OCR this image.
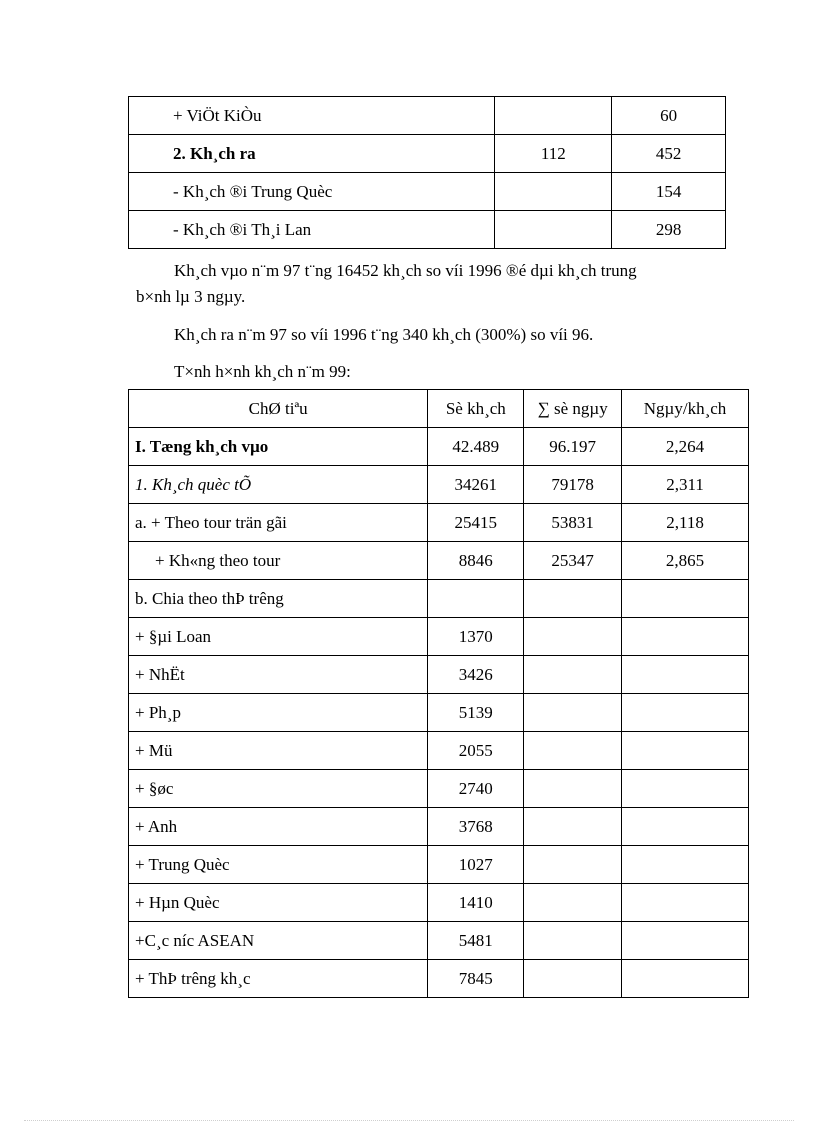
+ ViÖt KiÒu		60
2. Kh¸ch ra	112	452
- Kh¸ch ®i Trung Quèc		154
- Kh¸ch ®i Th¸i Lan		298

Kh¸ch vµo n¨m 97 t¨ng 16452 kh¸ch so víi 1996 ®é dµi kh¸ch trung

b×nh lµ 3 ngµy.

Kh¸ch ra n¨m 97 so víi 1996 t¨ng 340 kh¸ch (300%) so víi 96.

T×nh h×nh kh¸ch n¨m 99:

ChØ tiªu	Sè kh¸ch	∑ sè ngµy	Ngµy/kh¸ch
I. Tæng kh¸ch vµo	42.489	96.197	2,264
1. Kh¸ch quèc tÕ	34261	79178	2,311
a. + Theo tour trän gãi	25415	53831	2,118
+ Kh«ng theo tour	8846	25347	2,865
b. Chia theo thÞ trêng			
+ §µi Loan	1370		
+ NhËt	3426		
+ Ph¸p	5139		
+ Mü	2055		
+ §øc	2740		
+ Anh	3768		
+ Trung Quèc	1027		
+ Hµn Quèc	1410		
+C¸c níc ASEAN	5481		
+ ThÞ trêng kh¸c	7845		
